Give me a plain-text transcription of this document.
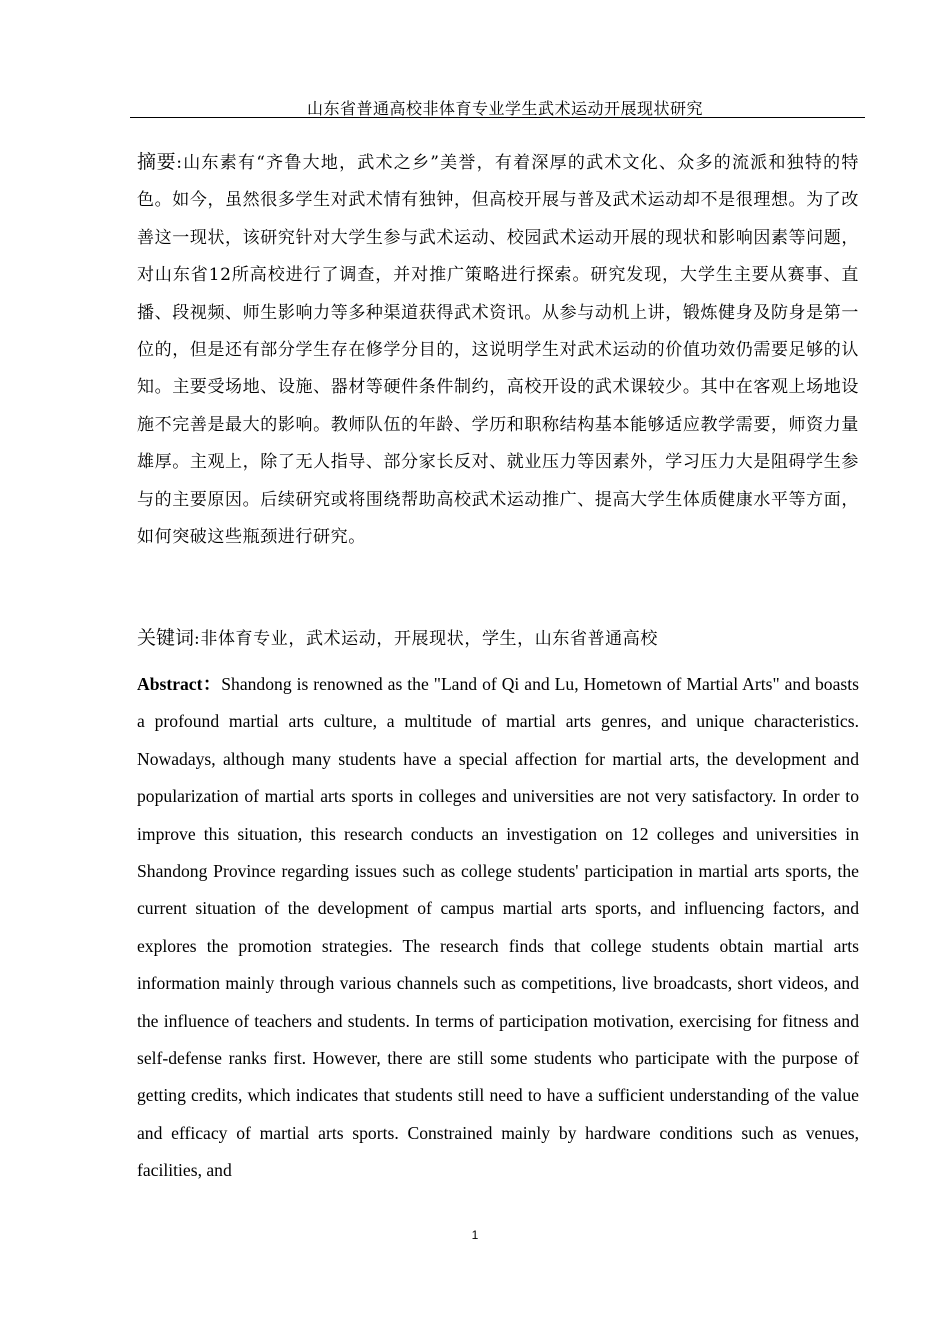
山东省普通高校非体育专业学生武术运动开展现状研究
摘要:山东素有“齐鲁大地，武术之乡”美誉，有着深厚的武术文化、众多的流派和独特的特色。如今，虽然很多学生对武术情有独钟，但高校开展与普及武术运动却不是很理想。为了改善这一现状，该研究针对大学生参与武术运动、校园武术运动开展的现状和影响因素等问题，对山东省12所高校进行了调查，并对推广策略进行探索。研究发现，大学生主要从赛事、直播、段视频、师生影响力等多种渠道获得武术资讯。从参与动机上讲，锻炼健身及防身是第一位的，但是还有部分学生存在修学分目的，这说明学生对武术运动的价值功效仍需要足够的认知。主要受场地、设施、器材等硬件条件制约，高校开设的武术课较少。其中在客观上场地设施不完善是最大的影响。教师队伍的年龄、学历和职称结构基本能够适应教学需要，师资力量雄厚。主观上，除了无人指导、部分家长反对、就业压力等因素外，学习压力大是阻碍学生参与的主要原因。后续研究或将围绕帮助高校武术运动推广、提高大学生体质健康水平等方面，如何突破这些瓶颈进行研究。
关键词:非体育专业，武术运动，开展现状，学生，山东省普通高校
Abstract：Shandong is renowned as the "Land of Qi and Lu, Hometown of Martial Arts" and boasts a profound martial arts culture, a multitude of martial arts genres, and unique characteristics. Nowadays, although many students have a special affection for martial arts, the development and popularization of martial arts sports in colleges and universities are not very satisfactory. In order to improve this situation, this research conducts an investigation on 12 colleges and universities in Shandong Province regarding issues such as college students' participation in martial arts sports, the current situation of the development of campus martial arts sports, and influencing factors, and explores the promotion strategies. The research finds that college students obtain martial arts information mainly through various channels such as competitions, live broadcasts, short videos, and the influence of teachers and students. In terms of participation motivation, exercising for fitness and self-defense ranks first. However, there are still some students who participate with the purpose of getting credits, which indicates that students still need to have a sufficient understanding of the value and efficacy of martial arts sports. Constrained mainly by hardware conditions such as venues, facilities, and
1
